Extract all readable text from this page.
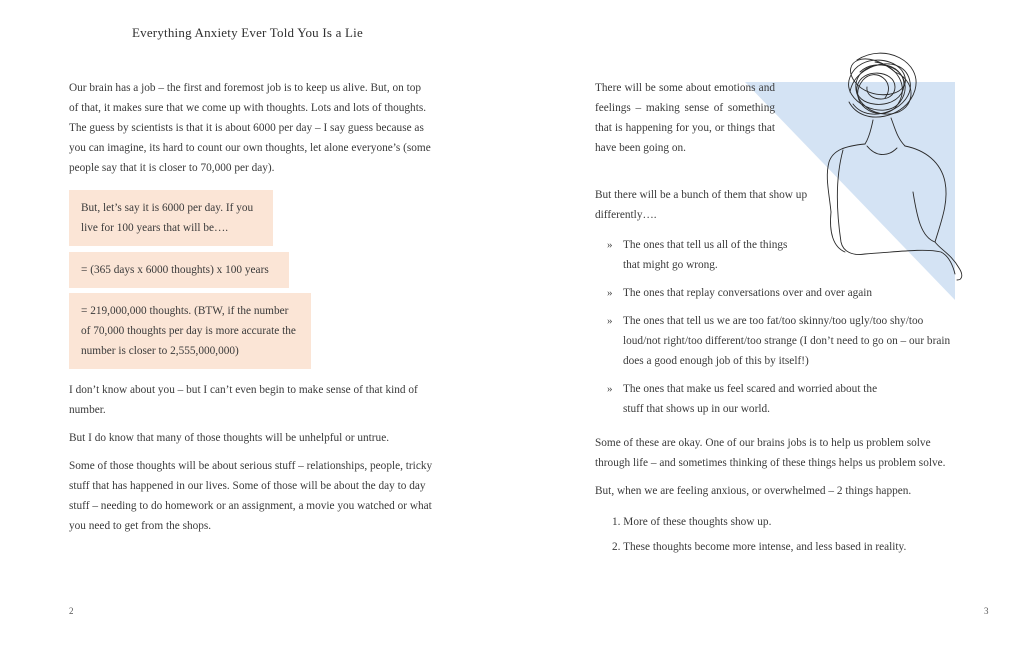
Everything Anxiety Ever Told You Is a Lie

Our brain has a job – the first and foremost job is to keep us alive. But, on top of that, it makes sure that we come up with thoughts. Lots and lots of thoughts. The guess by scientists is that it is about 6000 per day – I say guess because as you can imagine, its hard to count our own thoughts, let alone everyone’s (some people say that it is closer to 70,000 per day).

But, let’s say it is 6000 per day. If you live for 100 years that will be….
= (365 days x 6000 thoughts) x 100 years
= 219,000,000 thoughts. (BTW, if the number of 70,000 thoughts per day is more accurate the number is closer to 2,555,000,000)

I don’t know about you – but I can’t even begin to make sense of that kind of number.

But I do know that many of those thoughts will be unhelpful or untrue.

Some of those thoughts will be about serious stuff – relationships, people, tricky stuff that has happened in our lives. Some of those will be about the day to day stuff – needing to do homework or an assignment, a movie you watched or what you need to get from the shops.

2

There will be some about emotions and feelings – making sense of something that is happening for you, or things that have been going on.

But there will be a bunch of them that show up differently….

» The ones that tell us all of the things that might go wrong.
» The ones that replay conversations over and over again
» The ones that tell us we are too fat/too skinny/too ugly/too shy/too loud/not right/too different/too strange (I don’t need to go on – our brain does a good enough job of this by itself!)
» The ones that make us feel scared and worried about the stuff that shows up in our world.

Some of these are okay. One of our brains jobs is to help us problem solve through life – and sometimes thinking of these things helps us problem solve.

But, when we are feeling anxious, or overwhelmed – 2 things happen.

1. More of these thoughts show up.
2. These thoughts become more intense, and less based in reality.
3
